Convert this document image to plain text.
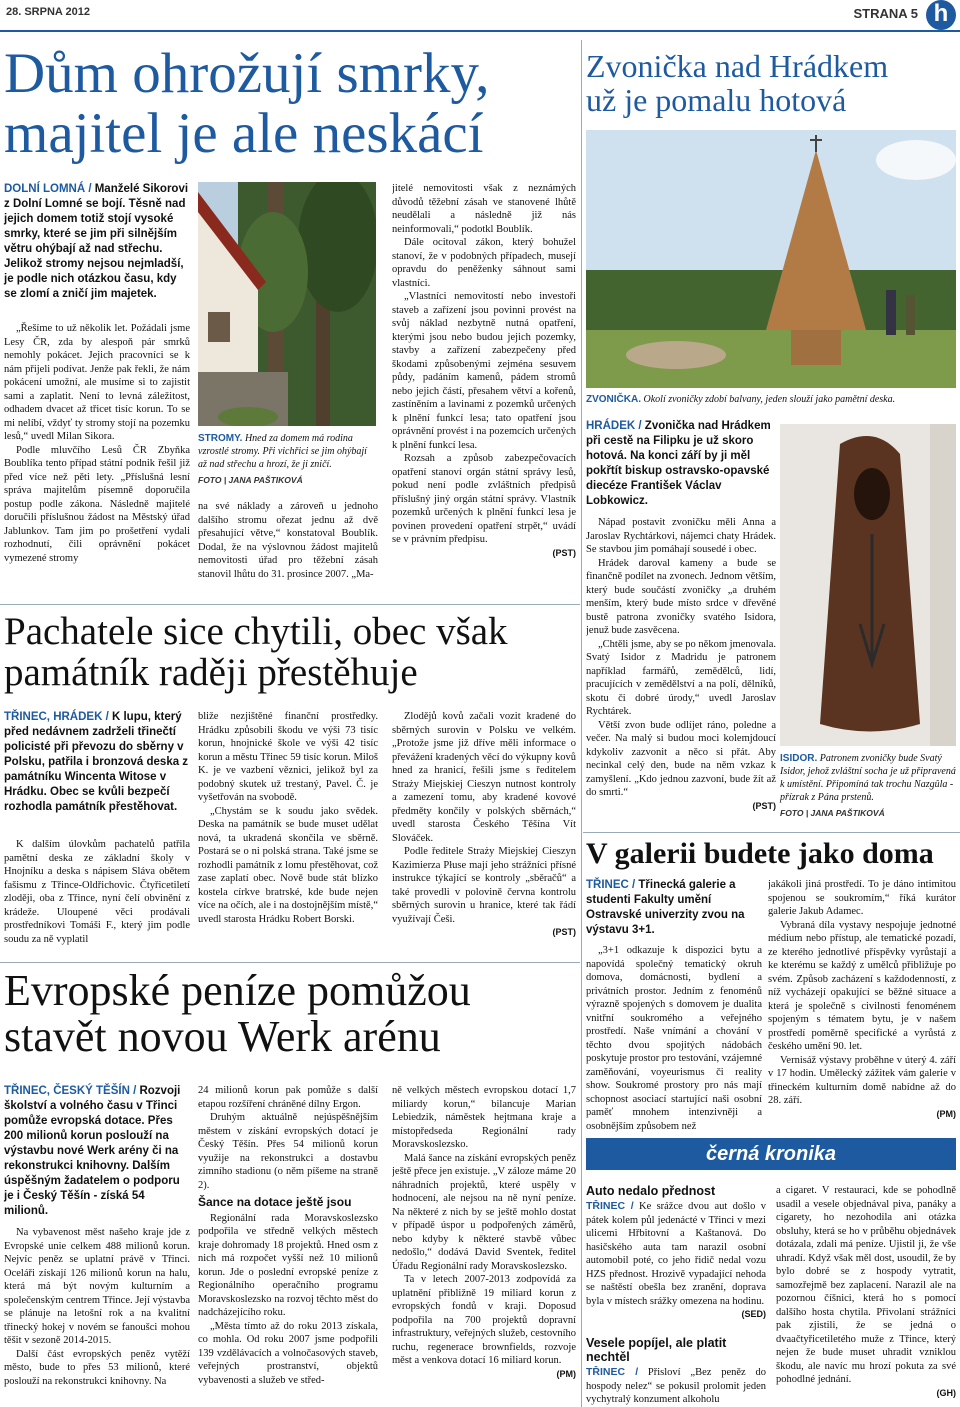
28. SRPNA 2012	STRANA 5 h
Dům ohrožují smrky,
majitel je ale neskácí
DOLNÍ LOMNÁ / Manželé Sikorovi z Dolní Lomné se bojí. Těsně nad jejich domem totiž stojí vysoké smrky, které se jim při silnějším větru ohýbají až nad střechu. Jelikož stromy nejsou nejmladší, je podle nich otázkou času, kdy se zlomí a zničí jim majetek.

„Řešíme to už několik let. Požádali jsme Lesy ČR, zda by alespoň pár smrků nemohly pokácet. Jejich pracovníci se k nám přijeli podívat. Jenže pak řekli, že nám pokácení umožní, ale musíme si to zajistit sami a zaplatit. Není to levná záležitost, odhadem dvacet až třicet tisíc korun. To se mi nelíbí, vždyť ty stromy stojí na pozemku lesů,“ uvedl Milan Sikora.

Podle mluvčího Lesů ČR Zbyňka Boublíka tento případ státní podnik řešil již před více než pěti lety. „Příslušná lesní správa majitelům písemně doporučila postup podle zákona. Následně majitelé doručili příslušnou žádost na Městský úřad Jablunkov. Tam jim po prošetření vydali rozhodnutí, čili oprávnění pokácet vymezené stromy

STROMY. Hned za domem má rodina vzrostlé stromy. Při vichřici se jim ohýbají až nad střechu a hrozí, že ji zničí.
FOTO | JANA PAŠTIKOVÁ

na své náklady a zároveň u jednoho dalšího stromu ořezat jednu až dvě přesahující větve,“ konstatoval Boublík. Dodal, že na výslovnou žádost majitelů nemovitosti úřad pro těžební zásah stanovil lhůtu do 31. prosince 2007. „Ma-

jitelé nemovitosti však z neznámých důvodů těžební zásah ve stanovené lhůtě neudělali a následně již nás neinformovali,“ podotkl Boublík.

Dále ocitoval zákon, který bohužel stanoví, že v podobných případech, musejí opravdu do peněženky sáhnout sami vlastníci.

„Vlastníci nemovitostí nebo investoři staveb a zařízení jsou povinni provést na svůj náklad nezbytně nutná opatření, kterými jsou nebo budou jejich pozemky, stavby a zařízení zabezpečeny před škodami způsobenými zejména sesuvem půdy, padáním kamenů, pádem stromů nebo jejich částí, přesahem větví a kořenů, zastíněním a lavinami z pozemků určených k plnění funkcí lesa; tato opatření jsou oprávnění provést i na pozemcích určených k plnění funkcí lesa.

Rozsah a způsob zabezpečovacích opatření stanoví orgán státní správy lesů, pokud není podle zvláštních předpisů příslušný jiný orgán státní správy. Vlastník pozemků určených k plnění funkcí lesa je povinen provedení opatření strpět,“ uvádí se v právním předpisu.

(PST)
Zvonička nad Hrádkem
už je pomalu hotová
ZVONIČKA. Okolí zvoničky zdobí balvany, jeden slouží jako pamětní deska.
HRÁDEK / Zvonička nad Hrádkem při cestě na Filipku je už skoro hotová. Na konci září by ji měl pokřtít biskup ostravsko-opavské diecéze František Václav Lobkowicz.

Nápad postavit zvoničku měli Anna a Jaroslav Rychtárkovi, nájemci chaty Hrádek. Se stavbou jim pomáhají sousedé i obec.

Hrádek daroval kameny a bude se finančně podílet na zvonech. Jednom větším, který bude součástí zvoničky „a druhém menším, který bude místo srdce v dřevěné bustě patrona zvoničky svatého Isidora, jenuž bude zasvěcena.

„Chtěli jsme, aby se po někom jmenovala. Svatý Isidor z Madridu je patronem například farmářů, zemědělců, lidí, pracujících v zemědělství a na polí, dělníků, skotu či dobré úrody,“ uvedl Jaroslav Rychtárek.

Větší zvon bude odlíjet ráno, poledne a večer. Na malý si budou moci kolemjdoucí kdykoliv zazvonit a něco si přát. Aby necinkal celý den, bude na něm vzkaz k zamyšlení. „Kdo jednou zazvoní, bude žít až do smrti.“

(PST)
ISIDOR. Patronem zvoničky bude Svatý Isidor, jehož zvláštní socha je už připravená k umístění. Připomíná tak trochu Nazgûla - přízrak z Pána prstenů.
FOTO | JANA PAŠTIKOVÁ
Pachatele sice chytili, obec však
památník raději přestěhuje
TŘINEC, HRÁDEK / K lupu, který před nedávnem zadrželi třinečtí policisté při převozu do sběrny v Polsku, patřila i bronzová deska z památníku Wincenta Witose v Hrádku. Obec se kvůli bezpečí rozhodla památník přestěhovat.

K dalším úlovkům pachatelů patřila pamětní deska ze základní školy v Hnojníku a deska s nápisem Sláva obětem fašismu z Třince-Oldřichovic. Čtyřicetiletí zloději, oba z Třince, nyní čelí obvinění z krádeže. Uloupené věci prodávali prostředníkovi Tomáši F., který jim podle soudu za ně vyplatil

bliže nezjištěné finanční prostředky. Hrádku způsobili škodu ve výši 73 tisíc korun, hnojnické škole ve výši 42 tisíc korun a městu Třinec 59 tisíc korun. Miloš K. je ve vazbení věznici, jelikož byl za podobný skutek už trestaný, Pavel. Č. je vyšetřován na svobodě.

„Chystám se k soudu jako svědek. Deska na památník se bude muset udělat nová, ta ukradená skončila ve sběrně. Postará se o ni polská strana. Také jsme se rozhodli památník z lomu přestěhovat, což zase zaplatí obec. Nově bude stát blízko kostela církve bratrské, kde bude nejen více na očích, ale i na dostojnějším místě,“ uvedl starosta Hrádku Robert Borski.

Zlodějů kovů začali vozit kradené do sběrných surovin v Polsku ve velkém. „Protože jsme již dříve měli informace o převážení kradených věcí do výkupny kovů hned za hranicí, řešili jsme s ředitelem Straży Miejskiej Cieszyn nutnost kontroly a zamezení tomu, aby kradené kovové předměty končily v polských sběrnách,“ uvedl starosta Českého Těšína Vít Slováček.

Podle ředitele Straży Miejskiej Cieszyn Kazimierza Płuse mají jeho strážníci přísné instrukce týkající se kontroly „sběračů“ a také provedli v polovině června kontrolu sběrných surovin u hranice, které tak řádí využívají Češi.

(PST)
V galerii budete jako doma
TŘINEC / Třinecká galerie a studenti Fakulty umění Ostravské univerzity zvou na výstavu 3+1.

„3+1 odkazuje k dispozici bytu a napovídá společný tematický okruh domova, domácnosti, bydlení a privátních prostor. Jedním z fenoménů výrazně spojených s domovem je dualita vnitřní soukromého a veřejného prostředí. Naše vnímání a chování v těchto dvou spojitých nádobách poskytuje prostor pro testování, vzájemné zaměňování, voyeurismus či reality show. Soukromé prostory pro nás mají schopnost asociací startující naši osobní paměť mnohem intenzivněji a osobnějším způsobem než

jakákoli jiná prostředí. To je dáno intimitou spojenou se soukromím,“ říká kurátor galerie Jakub Adamec.

Vybraná díla vystavy nespojuje jednotné médium nebo přístup, ale tematické pozadí, ze kterého jednotlivé příspěvky vyrůstají a ke kterému se každý z umělců přibližuje po svém. Způsob zacházení s každodenností, z níž vycházejí opakující se běžné situace a která je společně s civilnosti fenoménem spojeným s tématem bytu, je v našem prostředí poměrně specifické a vyrůstá z českého umění 90. let.

Vernisáž výstavy proběhne v úterý 4. září v 17 hodin. Umělecký zážitek vám galerie v třineckém kulturním domě nabídne až do 28. září.

(PM)
Evropské peníze pomůžou
stavět novou Werk arénu
TŘINEC, ČESKÝ TĚŠÍN / Rozvoji školství a volného času v Třinci pomůže evropská dotace. Přes 200 milionů korun poslouží na výstavbu nové Werk arény či na rekonstrukci knihovny. Dalším úspěšným žadatelem o podporu je i Český Těšín - získá 54 milionů.

Na vybavenost měst našeho kraje jde z Evropské unie celkem 488 milionů korun. Nejvíc peněz se uplatní právě v Třinci. Oceláři získají 126 milionů korun na halu, která má být novým kulturním a společenským centrem Třince. Její výstavba se plánuje na letošní rok a na kvalitní třinecký hokej v novém se fanoušci mohou těšit v sezoně 2014-2015.

Další část evropských peněz vytěží město, bude to přes 53 milionů, které poslouží na rekonstrukci knihovny. Na

24 milionů korun pak pomůže s další etapou rozšíření chráněné dílny Ergon.

Druhým aktuálně nejúspěšnějším městem v získání evropských dotací je Český Těšín. Přes 54 milionů korun využije na rekonstrukci a dostavbu zimního stadionu (o něm píšeme na straně 2).

Šance na dotace ještě jsou

Regionální rada Moravskoslezsko podpořila ve středně velkých městech kraje dohromady 18 projektů. Hned osm z nich má rozpočet vyšší než 10 milionů korun. Jde o poslední evropské peníze z Regionálního operačního programu Moravskoslezsko na rozvoj těchto měst do nadcházejícího roku.

„Města tímto až do roku 2013 získala, co mohla. Od roku 2007 jsme podpořili 139 vzdělávacích a volnočasových staveb, veřejných prostranství, objektů vybavenosti a služeb ve střed-

ně velkých městech evropskou dotací 1,7 miliardy korun,“ bilancuje Marian Lebiedzik, náměstek hejtmana kraje a místopředseda Regionální rady Moravskoslezsko.

Malá šance na získání evropských peněz ještě přece jen existuje. „V záloze máme 20 náhradních projektů, které uspěly v hodnocení, ale nejsou na ně nyní peníze. Na některé z nich by se ještě mohlo dostat v případě úspor u podpořených záměrů, nebo kdyby k některé stavbě vůbec nedošlo,“ dodává David Sventek, ředitel Úřadu Regionální rady Moravskoslezsko.

Ta v letech 2007-2013 zodpovídá za uplatnění přibližně 19 miliard korun z evropských fondů v kraji. Doposud podpořila na 700 projektů dopravní infrastruktury, veřejných služeb, cestovního ruchu, regenerace brownfields, rozvoje měst a venkova dotací 16 miliard korun.

(PM)
černá kronika
Auto nedalo přednost

TŘINEC / Ke srážce dvou aut došlo v pátek kolem půl jedenácté v Třinci v mezi ulicemi Hřbitovní a Kaštanová. Do hasičského auta tam narazil osobní automobil poté, co jeho řidič nedal vozu HZS přednost. Hrozivě vypadající nehoda se naštěstí obešla bez zranění, doprava byla v místech srážky omezena na hodinu.

(SED)
Vesele popíjel, ale platit nechtěl

TŘINEC / Přisloví „Bez peněz do hospody nelez“ se pokusil prolomit jeden vychytralý konzument alkoholu

a cigaret. V restauraci, kde se pohodlně usadil a vesele objednával piva, panáky a cigarety, ho nezohodila ani otázka obsluhy, která se ho v průběhu objednávek dotázala, zdali má peníze. Ujistil ji, že vše uhradí. Když však měl dost, usoudil, že by bylo dobré se z hospody vytratit, samozřejmě bez zaplacení. Narazil ale na pozornou číšnici, která ho s pomocí dalšího hosta chytila. Přivolaní strážníci pak zjistili, že se jedná o dvaačtyřicetiletého muže z Třince, který nejen že bude muset uhradit vzniklou škodu, ale navíc mu hrozí pokuta za své pohodlné jednání.

(GH)
